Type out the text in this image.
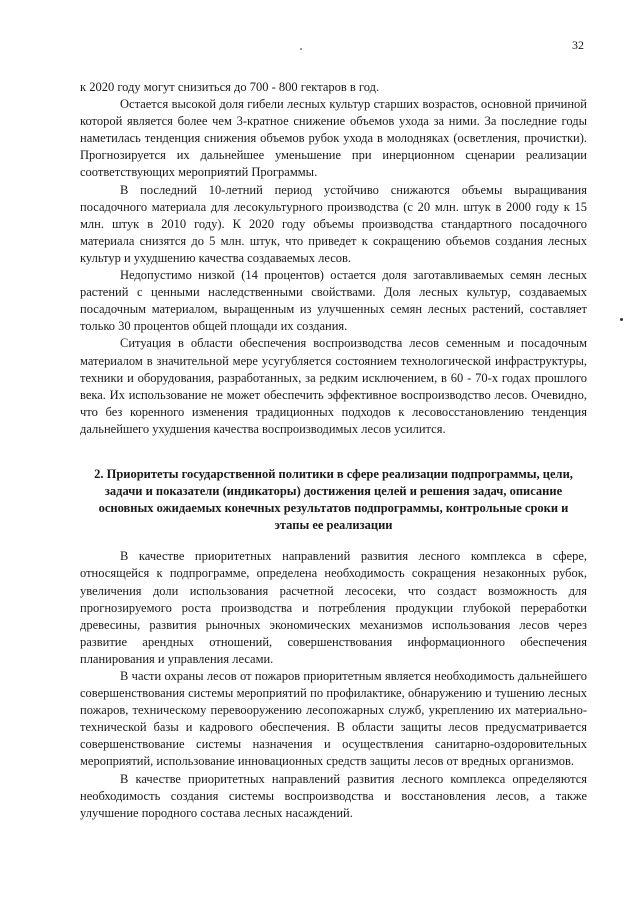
32

к 2020 году могут снизиться до 700 - 800 гектаров в год.

Остается высокой доля гибели лесных культур старших возрастов, основной причиной которой является более чем 3-кратное снижение объемов ухода за ними. За последние годы наметилась тенденция снижения объемов рубок ухода в молодняках (осветления, прочистки). Прогнозируется их дальнейшее уменьшение при инерционном сценарии реализации соответствующих мероприятий Программы.

В последний 10-летний период устойчиво снижаются объемы выращивания посадочного материала для лесокультурного производства (с 20 млн. штук в 2000 году к 15 млн. штук в 2010 году). К 2020 году объемы производства стандартного посадочного материала снизятся до 5 млн. штук, что приведет к сокращению объемов создания лесных культур и ухудшению качества создаваемых лесов.

Недопустимо низкой (14 процентов) остается доля заготавливаемых семян лесных растений с ценными наследственными свойствами. Доля лесных культур, создаваемых посадочным материалом, выращенным из улучшенных семян лесных растений, составляет только 30 процентов общей площади их создания.

Ситуация в области обеспечения воспроизводства лесов семенным и посадочным материалом в значительной мере усугубляется состоянием технологической инфраструктуры, техники и оборудования, разработанных, за редким исключением, в 60 - 70-х годах прошлого века. Их использование не может обеспечить эффективное воспроизводство лесов. Очевидно, что без коренного изменения традиционных подходов к лесовосстановлению тенденция дальнейшего ухудшения качества воспроизводимых лесов усилится.

2. Приоритеты государственной политики в сфере реализации подпрограммы, цели, задачи и показатели (индикаторы) достижения целей и решения задач, описание основных ожидаемых конечных результатов подпрограммы, контрольные сроки и этапы ее реализации

В качестве приоритетных направлений развития лесного комплекса в сфере, относящейся к подпрограмме, определена необходимость сокращения незаконных рубок, увеличения доли использования расчетной лесосеки, что создаст возможность для прогнозируемого роста производства и потребления продукции глубокой переработки древесины, развития рыночных экономических механизмов использования лесов через развитие арендных отношений, совершенствования информационного обеспечения планирования и управления лесами.

В части охраны лесов от пожаров приоритетным является необходимость дальнейшего совершенствования системы мероприятий по профилактике, обнаружению и тушению лесных пожаров, техническому перевооружению лесопожарных служб, укреплению их материально-технической базы и кадрового обеспечения. В области защиты лесов предусматривается совершенствование системы назначения и осуществления санитарно-оздоровительных мероприятий, использование инновационных средств защиты лесов от вредных организмов.

В качестве приоритетных направлений развития лесного комплекса определяются необходимость создания системы воспроизводства и восстановления лесов, а также улучшение породного состава лесных насаждений.
